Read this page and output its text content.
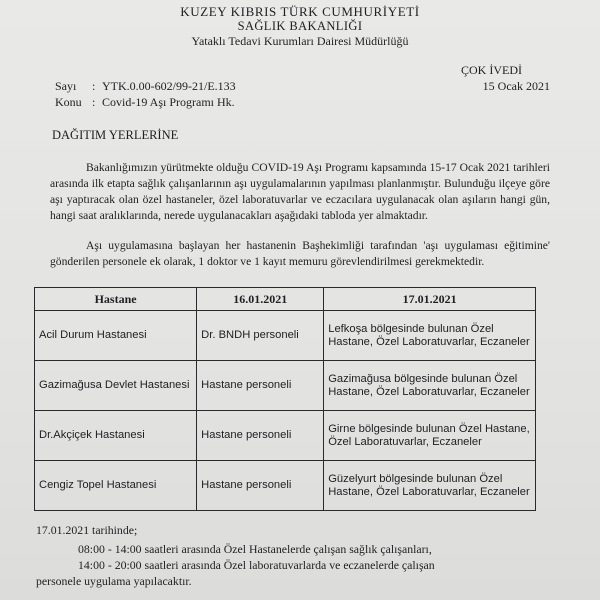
KUZEY KIBRIS TÜRK CUMHURİYETİ
SAĞLIK BAKANLIĞI
Yataklı Tedavi Kurumları Dairesi Müdürlüğü
ÇOK İVEDİ
15 Ocak 2021
Sayı : YTK.0.00-602/99-21/E.133
Konu : Covid-19 Aşı Programı Hk.
DAĞITIM YERLERİNE
Bakanlığımızın yürütmekte olduğu COVID-19 Aşı Programı kapsamında 15-17 Ocak 2021 tarihleri arasında ilk etapta sağlık çalışanlarının aşı uygulamalarının yapılması planlanmıştır. Bulunduğu ilçeye göre aşı yaptıracak olan özel hastaneler, özel laboratuvarlar ve eczacılara uygulanacak olan aşıların hangi gün, hangi saat aralıklarında, nerede uygulanacakları aşağıdaki tabloda yer almaktadır.
Aşı uygulamasına başlayan her hastanenin Başhekimliği tarafından 'aşı uygulaması eğitimine' gönderilen personele ek olarak, 1 doktor ve 1 kayıt memuru görevlendirilmesi gerekmektedir.
Hastane	16.01.2021	17.01.2021
Acil Durum Hastanesi	Dr. BNDH personeli	Lefkoşa bölgesinde bulunan Özel Hastane, Özel Laboratuvarlar, Eczaneler
Gazimağusa Devlet Hastanesi	Hastane personeli	Gazimağusa bölgesinde bulunan Özel Hastane, Özel Laboratuvarlar, Eczaneler
Dr.Akçiçek Hastanesi	Hastane personeli	Girne bölgesinde bulunan Özel Hastane, Özel Laboratuvarlar, Eczaneler
Cengiz Topel Hastanesi	Hastane personeli	Güzelyurt bölgesinde bulunan Özel Hastane, Özel Laboratuvarlar, Eczaneler
17.01.2021 tarihinde;
08:00 - 14:00 saatleri arasında Özel Hastanelerde çalışan sağlık çalışanları,
14:00 - 20:00 saatleri arasında Özel laboratuvarlarda ve eczanelerde çalışan
personele uygulama yapılacaktır.
